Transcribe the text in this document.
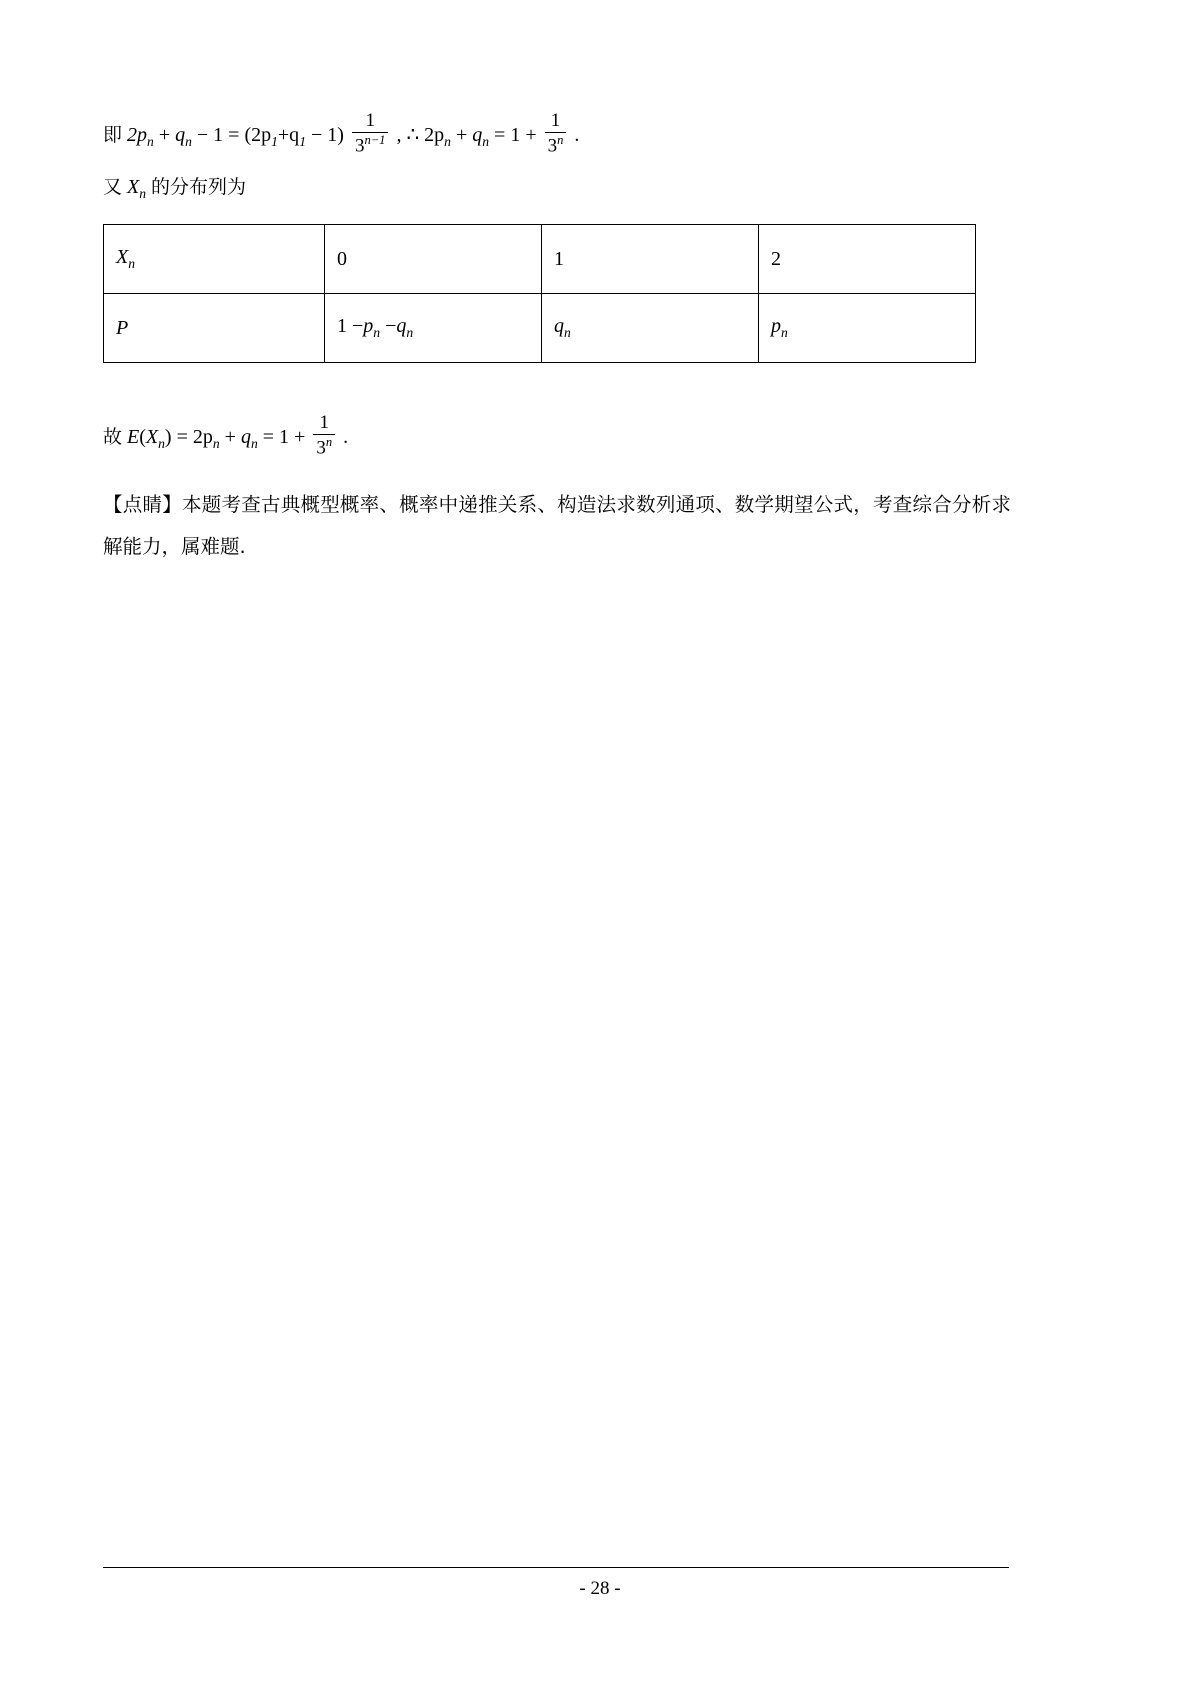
即 $2p_n + q_n - 1 = (2p_1+q_1 - 1) \frac{1}{3^{n-1}}$ , ∴ $2p_n + q_n = 1 + \frac{1}{3^n}$ .
又 $X_n$ 的分布列为
$X_n$	0	1	2
P	$1 -p_n -q_n$	$q_n$	$p_n$
故 $E(X_n) = 2p_n + q_n = 1 + \frac{1}{3^n}$ .
【点睛】本题考查古典概型概率、概率中递推关系、构造法求数列通项、数学期望公式，考查综合分析求解能力，属难题.
- 28 -
